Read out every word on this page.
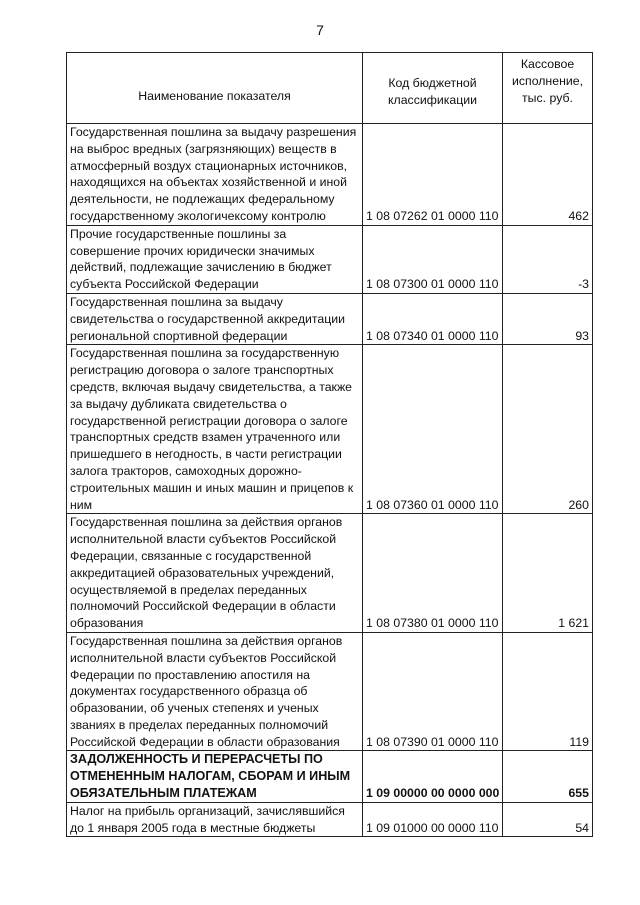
7
Наименование показателя	Код бюджетной классификации	Кассовое исполнение, тыс. руб.
Государственная пошлина за выдачу разрешения на выброс вредных (загрязняющих) веществ в атмосферный воздух стационарных источников, находящихся на объектах хозяйственной и иной деятельности, не подлежащих федеральному государственному экологичексому контролю	1 08 07262 01 0000 110	462
Прочие государственные пошлины за совершение прочих юридически значимых действий, подлежащие зачислению в бюджет субъекта Российской Федерации	1 08 07300 01 0000 110	-3
Государственная пошлина за выдачу свидетельства о государственной аккредитации региональной спортивной федерации	1 08 07340 01 0000 110	93
Государственная пошлина за государственную регистрацию договора о залоге транспортных средств, включая выдачу свидетельства, а также за выдачу дубликата свидетельства о государственной регистрации договора о залоге транспортных средств взамен утраченного или пришедшего в негодность, в части регистрации залога тракторов, самоходных дорожно-строительных машин и иных машин и прицепов к ним	1 08 07360 01 0000 110	260
Государственная пошлина за действия органов исполнительной власти субъектов Российской Федерации, связанные с государственной аккредитацией образовательных учреждений, осуществляемой в пределах переданных полномочий Российской Федерации в области образования	1 08 07380 01 0000 110	1 621
Государственная пошлина за действия органов исполнительной власти субъектов Российской Федерации по проставлению апостиля на документах государственного образца об образовании, об ученых степенях и ученых званиях в пределах переданных полномочий Российской Федерации в области образования	1 08 07390 01 0000 110	119
ЗАДОЛЖЕННОСТЬ И ПЕРЕРАСЧЕТЫ ПО ОТМЕНЕННЫМ НАЛОГАМ, СБОРАМ И ИНЫМ ОБЯЗАТЕЛЬНЫМ ПЛАТЕЖАМ	1 09 00000 00 0000 000	655
Налог на прибыль организаций, зачислявшийся до 1 января 2005 года в местные бюджеты	1 09 01000 00 0000 110	54
